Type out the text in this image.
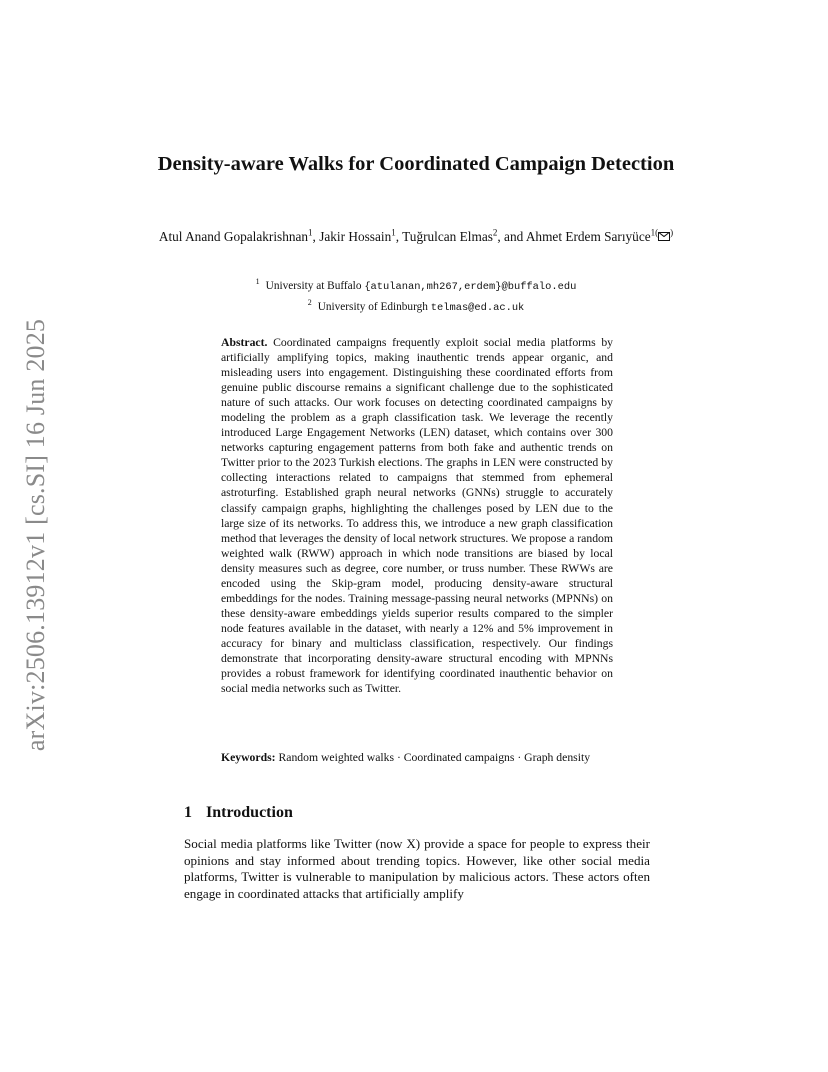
arXiv:2506.13912v1 [cs.SI] 16 Jun 2025
Density-aware Walks for Coordinated Campaign Detection
Atul Anand Gopalakrishnan$^1$, Jakir Hossain$^1$, Tuğrulcan Elmas$^2$, and Ahmet Erdem Sarıyüce$^{1(}$ )
$^1$ University at Buffalo {atulanan,mh267,erdem}@buffalo.edu
$^2$ University of Edinburgh telmas@ed.ac.uk
Abstract. Coordinated campaigns frequently exploit social media platforms by artificially amplifying topics, making inauthentic trends appear organic, and misleading users into engagement. Distinguishing these coordinated efforts from genuine public discourse remains a significant challenge due to the sophisticated nature of such attacks. Our work focuses on detecting coordinated campaigns by modeling the problem as a graph classification task. We leverage the recently introduced Large Engagement Networks (LEN) dataset, which contains over 300 networks capturing engagement patterns from both fake and authentic trends on Twitter prior to the 2023 Turkish elections. The graphs in LEN were constructed by collecting interactions related to campaigns that stemmed from ephemeral astroturfing. Established graph neural networks (GNNs) struggle to accurately classify campaign graphs, highlighting the challenges posed by LEN due to the large size of its networks. To address this, we introduce a new graph classification method that leverages the density of local network structures. We propose a random weighted walk (RWW) approach in which node transitions are biased by local density measures such as degree, core number, or truss number. These RWWs are encoded using the Skip-gram model, producing density-aware structural embeddings for the nodes. Training message-passing neural networks (MPNNs) on these density-aware embeddings yields superior results compared to the simpler node features available in the dataset, with nearly a 12% and 5% improvement in accuracy for binary and multiclass classification, respectively. Our findings demonstrate that incorporating density-aware structural encoding with MPNNs provides a robust framework for identifying coordinated inauthentic behavior on social media networks such as Twitter.
Keywords: Random weighted walks · Coordinated campaigns · Graph density
1 Introduction

Social media platforms like Twitter (now X) provide a space for people to express their opinions and stay informed about trending topics. However, like other social media platforms, Twitter is vulnerable to manipulation by malicious actors. These actors often engage in coordinated attacks that artificially amplify
